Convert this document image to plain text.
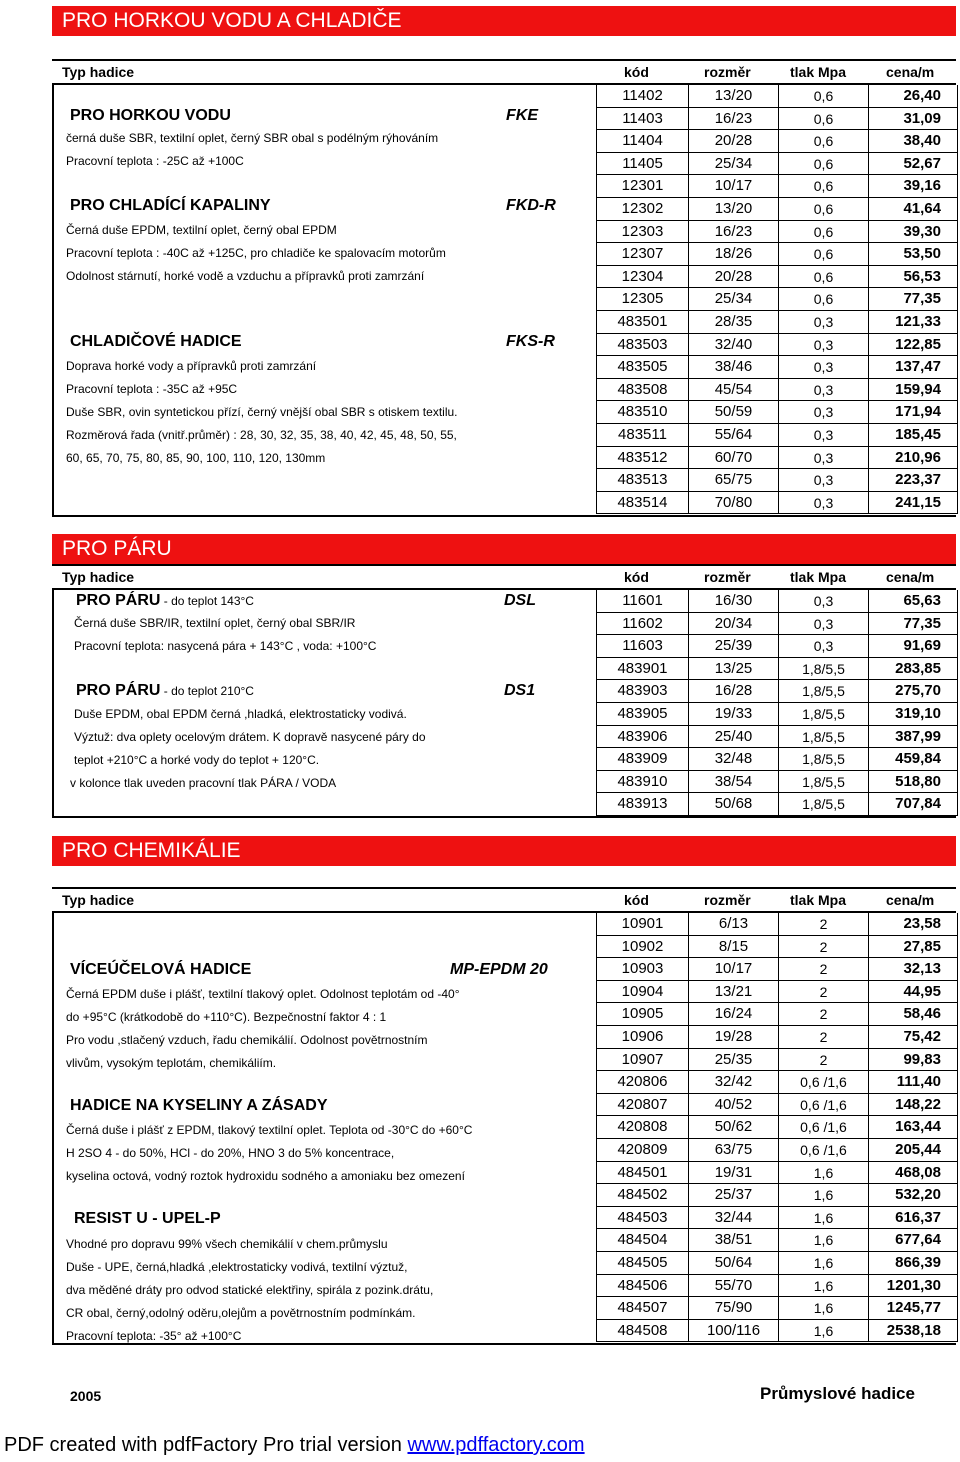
PRO HORKOU VODU A CHLADIČE
Typ hadice	kód	rozměr	tlak Mpa	cena/m
11402	13/20	0,6	26,40
11403	16/23	0,6	31,09
11404	20/28	0,6	38,40
11405	25/34	0,6	52,67
12301	10/17	0,6	39,16
12302	13/20	0,6	41,64
12303	16/23	0,6	39,30
12307	18/26	0,6	53,50
12304	20/28	0,6	56,53
12305	25/34	0,6	77,35
483501	28/35	0,3	121,33
483503	32/40	0,3	122,85
483505	38/46	0,3	137,47
483508	45/54	0,3	159,94
483510	50/59	0,3	171,94
483511	55/64	0,3	185,45
483512	60/70	0,3	210,96
483513	65/75	0,3	223,37
483514	70/80	0,3	241,15
PRO HORKOU VODU	FKE
černá duše SBR, textilní oplet, černý SBR obal s podélným rýhováním
Pracovní teplota : -25C až +100C
PRO CHLADÍCÍ KAPALINY	FKD-R
Černá duše EPDM, textilní oplet, černý obal EPDM
Pracovní teplota : -40C až +125C, pro chladiče ke spalovacím motorům
Odolnost stárnutí, horké vodě a vzduchu a přípravků proti zamrzání
CHLADIČOVÉ HADICE	FKS-R
Doprava horké vody a přípravků proti zamrzání
Pracovní teplota : -35C až +95C
Duše SBR, ovin syntetickou přízí, černý vnější obal SBR s otiskem textilu.
Rozměrová řada (vnitř.průměr) : 28, 30, 32, 35, 38, 40, 42, 45, 48, 50, 55,
60, 65, 70, 75, 80, 85, 90, 100, 110, 120, 130mm
PRO PÁRU
Typ hadice	kód	rozměr	tlak Mpa	cena/m
11601	16/30	0,3	65,63
11602	20/34	0,3	77,35
11603	25/39	0,3	91,69
483901	13/25	1,8/5,5	283,85
483903	16/28	1,8/5,5	275,70
483905	19/33	1,8/5,5	319,10
483906	25/40	1,8/5,5	387,99
483909	32/48	1,8/5,5	459,84
483910	38/54	1,8/5,5	518,80
483913	50/68	1,8/5,5	707,84
PRO PÁRU - do teplot 143°C	DSL
Černá duše SBR/IR, textilní oplet, černý obal SBR/IR
Pracovní teplota: nasycená pára + 143°C , voda: +100°C
PRO PÁRU - do teplot 210°C	DS1
Duše EPDM, obal EPDM černá ,hladká, elektrostaticky vodivá.
Výztuž: dva oplety ocelovým drátem. K dopravě nasycené páry do
teplot +210°C a horké vody do teplot + 120°C.
v kolonce tlak uveden pracovní tlak PÁRA / VODA
PRO CHEMIKÁLIE
Typ hadice	kód	rozměr	tlak Mpa	cena/m
10901	6/13	2	23,58
10902	8/15	2	27,85
10903	10/17	2	32,13
10904	13/21	2	44,95
10905	16/24	2	58,46
10906	19/28	2	75,42
10907	25/35	2	99,83
420806	32/42	0,6 /1,6	111,40
420807	40/52	0,6 /1,6	148,22
420808	50/62	0,6 /1,6	163,44
420809	63/75	0,6 /1,6	205,44
484501	19/31	1,6	468,08
484502	25/37	1,6	532,20
484503	32/44	1,6	616,37
484504	38/51	1,6	677,64
484505	50/64	1,6	866,39
484506	55/70	1,6	1201,30
484507	75/90	1,6	1245,77
484508	100/116	1,6	2538,18
VÍCEÚČELOVÁ HADICE	MP-EPDM 20
Černá EPDM duše i plášť, textilní tlakový oplet. Odolnost teplotám od -40°
do +95°C (krátkodobě do +110°C). Bezpečnostní faktor 4 : 1
Pro vodu ,stlačený vzduch, řadu chemikálií. Odolnost povětrnostním
vlivům, vysokým teplotám, chemikáliím.
HADICE NA KYSELINY A ZÁSADY
Černá duše i plášť z EPDM, tlakový textilní oplet. Teplota od -30°C do +60°C
H 2SO 4 - do 50%, HCl - do 20%, HNO 3 do 5% koncentrace,
kyselina octová, vodný roztok hydroxidu sodného a amoniaku bez omezení
RESIST U - UPEL-P
Vhodné pro dopravu 99% všech chemikálií v chem.průmyslu
Duše - UPE, černá,hladká ,elektrostaticky vodivá, textilní výztuž,
dva měděné dráty pro odvod statické elektřiny, spirála z pozink.drátu,
CR obal, černý,odolný oděru,olejům a povětrnostním podmínkám.
Pracovní teplota: -35° až +100°C
2005	Průmyslové hadice
PDF created with pdfFactory Pro trial version www.pdffactory.com
